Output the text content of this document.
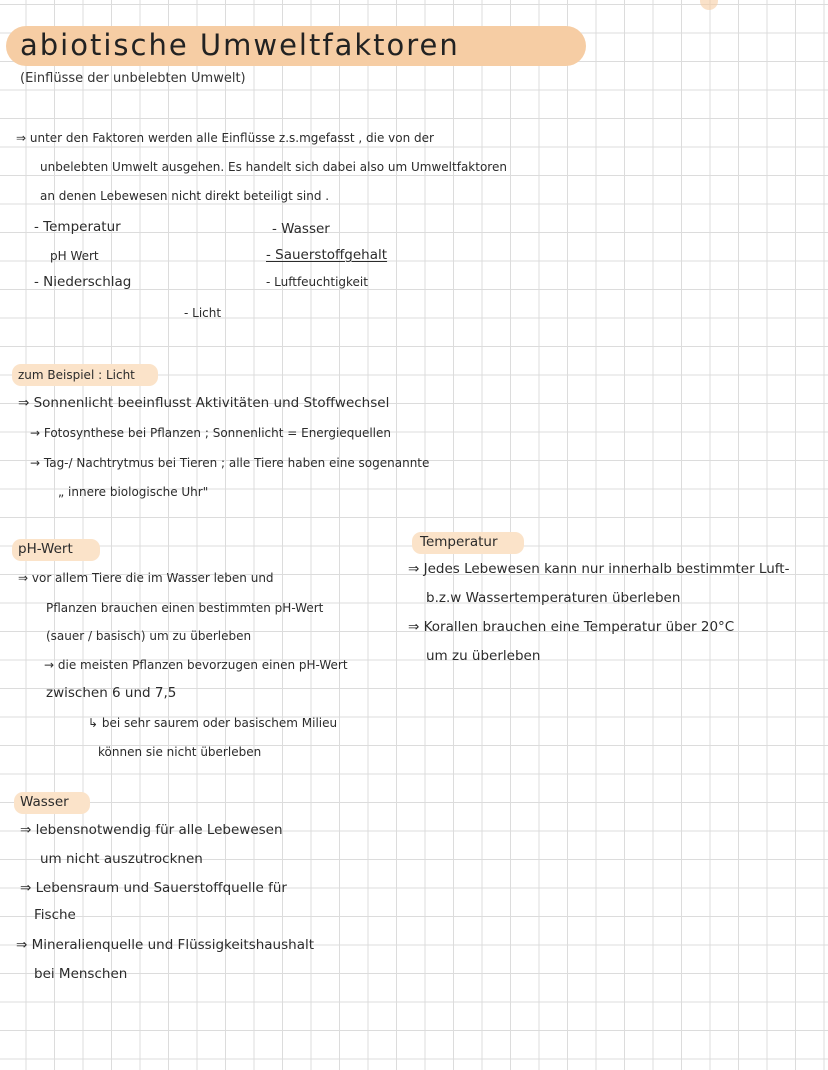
abiotische Umweltfaktoren
(Einflüsse der unbelebten Umwelt)
⇒ unter den Faktoren werden alle Einflüsse z.s.mgefasst , die von der
unbelebten Umwelt ausgehen. Es handelt sich dabei also um Umweltfaktoren
an denen Lebewesen nicht direkt beteiligt sind .
- Temperatur
pH Wert
- Niederschlag
- Licht
- Wasser
- Sauerstoffgehalt
- Luftfeuchtigkeit
zum Beispiel : Licht
⇒ Sonnenlicht beeinflusst Aktivitäten und Stoffwechsel
→ Fotosynthese bei Pflanzen ; Sonnenlicht = Energiequellen
→ Tag-/ Nachtrytmus bei Tieren ; alle Tiere haben eine sogenannte
„ innere biologische Uhr"
pH-Wert
⇒ vor allem Tiere die im Wasser leben und
Pflanzen brauchen einen bestimmten pH-Wert
(sauer / basisch) um zu überleben
→ die meisten Pflanzen bevorzugen einen pH-Wert
zwischen 6 und 7,5
↳ bei sehr saurem oder basischem Milieu
können sie nicht überleben
Temperatur
⇒ Jedes Lebewesen kann nur innerhalb bestimmter Luft-
b.z.w Wassertemperaturen überleben
⇒ Korallen brauchen eine Temperatur über 20°C
um zu überleben
Wasser
⇒ lebensnotwendig für alle Lebewesen
um nicht auszutrocknen
⇒ Lebensraum und Sauerstoffquelle für
Fische
⇒ Mineralienquelle und Flüssigkeitshaushalt
bei Menschen
